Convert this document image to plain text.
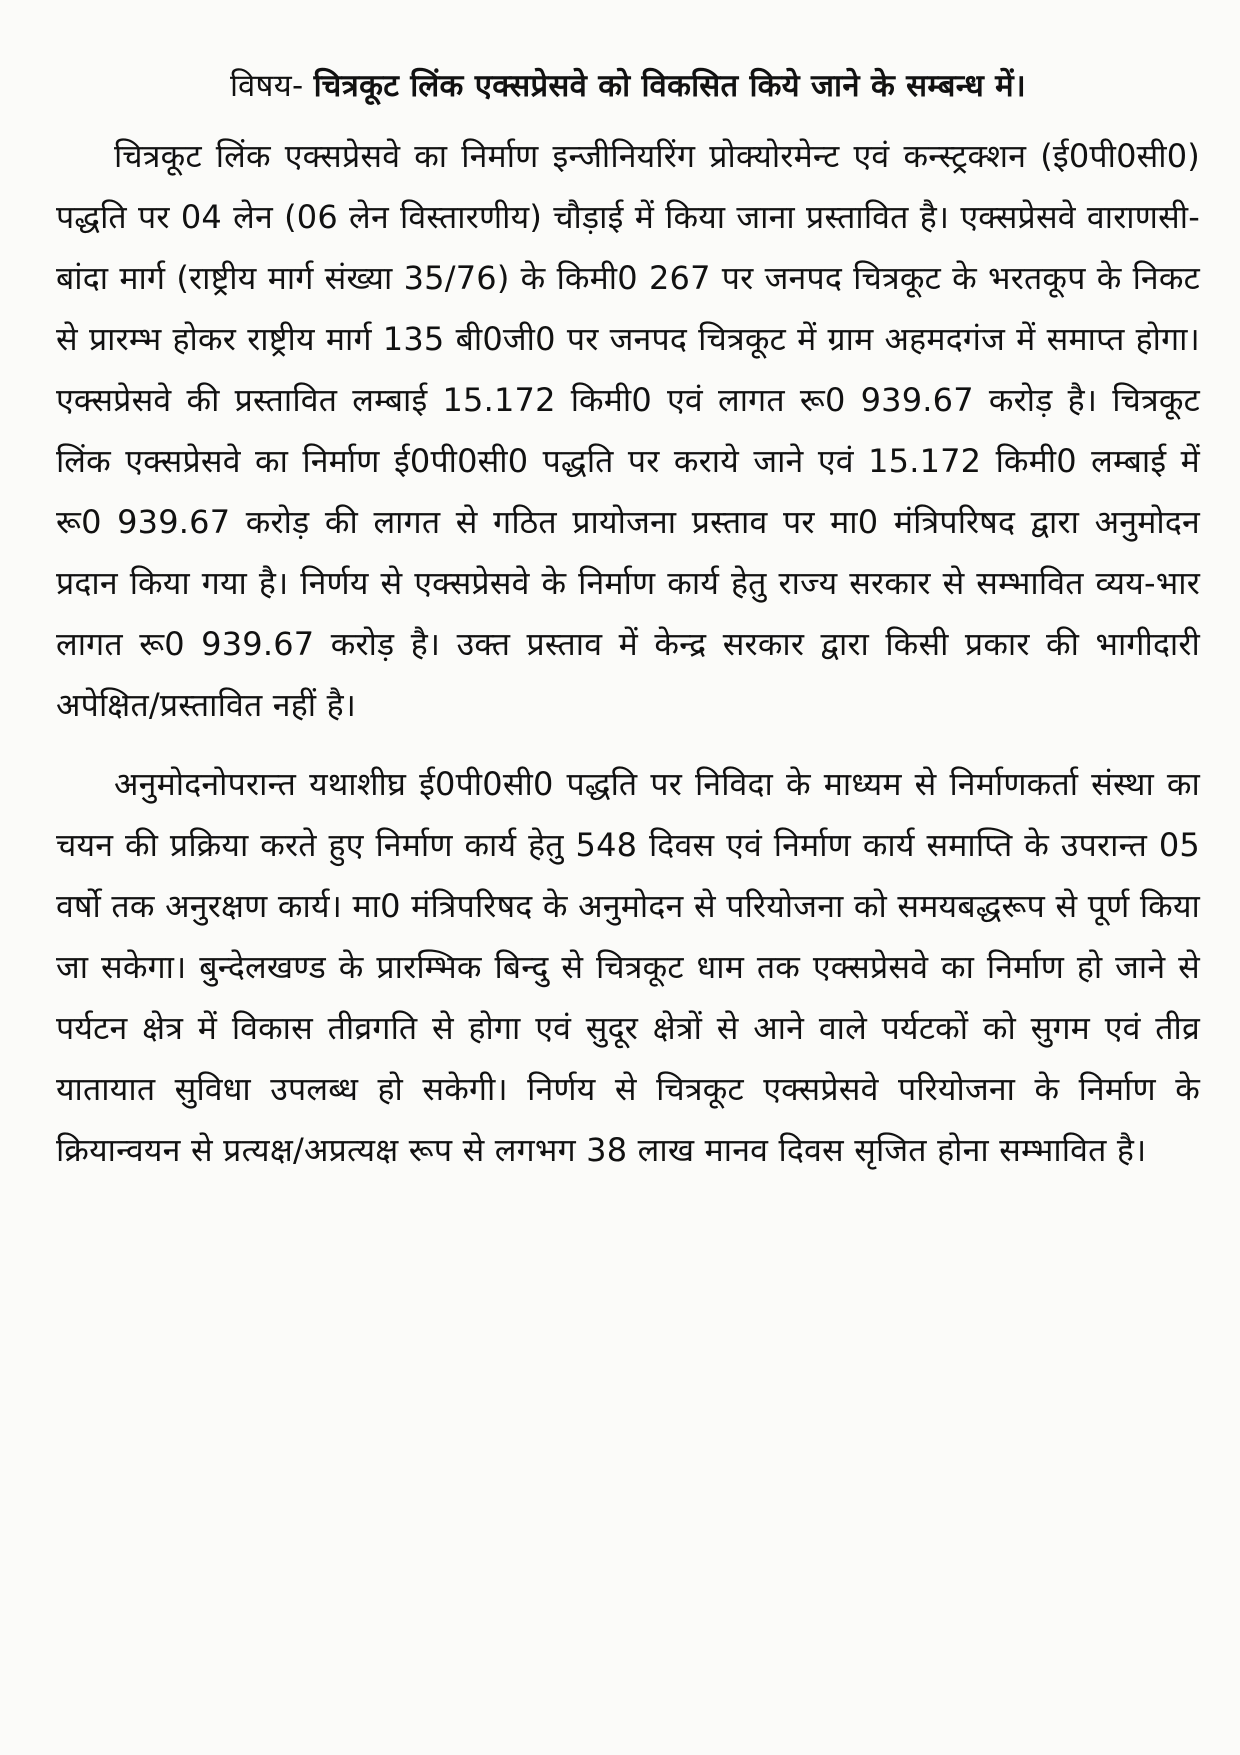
विषय- चित्रकूट लिंक एक्सप्रेसवे को विकसित किये जाने के सम्बन्ध में।

चित्रकूट लिंक एक्सप्रेसवे का निर्माण इन्जीनियरिंग प्रोक्योरमेन्ट एवं कन्स्ट्रक्शन (ई0पी0सी0) पद्धति पर 04 लेन (06 लेन विस्तारणीय) चौड़ाई में किया जाना प्रस्तावित है। एक्सप्रेसवे वाराणसी-बांदा मार्ग (राष्ट्रीय मार्ग संख्या 35/76) के किमी0 267 पर जनपद चित्रकूट के भरतकूप के निकट से प्रारम्भ होकर राष्ट्रीय मार्ग 135 बी0जी0 पर जनपद चित्रकूट में ग्राम अहमदगंज में समाप्त होगा। एक्सप्रेसवे की प्रस्तावित लम्बाई 15.172 किमी0 एवं लागत रू0 939.67 करोड़ है। चित्रकूट लिंक एक्सप्रेसवे का निर्माण ई0पी0सी0 पद्धति पर कराये जाने एवं 15.172 किमी0 लम्बाई में रू0 939.67 करोड़ की लागत से गठित प्रायोजना प्रस्ताव पर मा0 मंत्रिपरिषद द्वारा अनुमोदन प्रदान किया गया है। निर्णय से एक्सप्रेसवे के निर्माण कार्य हेतु राज्य सरकार से सम्भावित व्यय-भार लागत रू0 939.67 करोड़ है। उक्त प्रस्ताव में केन्द्र सरकार द्वारा किसी प्रकार की भागीदारी अपेक्षित/प्रस्तावित नहीं है।

अनुमोदनोपरान्त यथाशीघ्र ई0पी0सी0 पद्धति पर निविदा के माध्यम से निर्माणकर्ता संस्था का चयन की प्रक्रिया करते हुए निर्माण कार्य हेतु 548 दिवस एवं निर्माण कार्य समाप्ति के उपरान्त 05 वर्षो तक अनुरक्षण कार्य। मा0 मंत्रिपरिषद के अनुमोदन से परियोजना को समयबद्धरूप से पूर्ण किया जा सकेगा। बुन्देलखण्ड के प्रारम्भिक बिन्दु से चित्रकूट धाम तक एक्सप्रेसवे का निर्माण हो जाने से पर्यटन क्षेत्र में विकास तीव्रगति से होगा एवं सुदूर क्षेत्रों से आने वाले पर्यटकों को सुगम एवं तीव्र यातायात सुविधा उपलब्ध हो सकेगी। निर्णय से चित्रकूट एक्सप्रेसवे परियोजना के निर्माण के क्रियान्वयन से प्रत्यक्ष/अप्रत्यक्ष रूप से लगभग 38 लाख मानव दिवस सृजित होना सम्भावित है।
